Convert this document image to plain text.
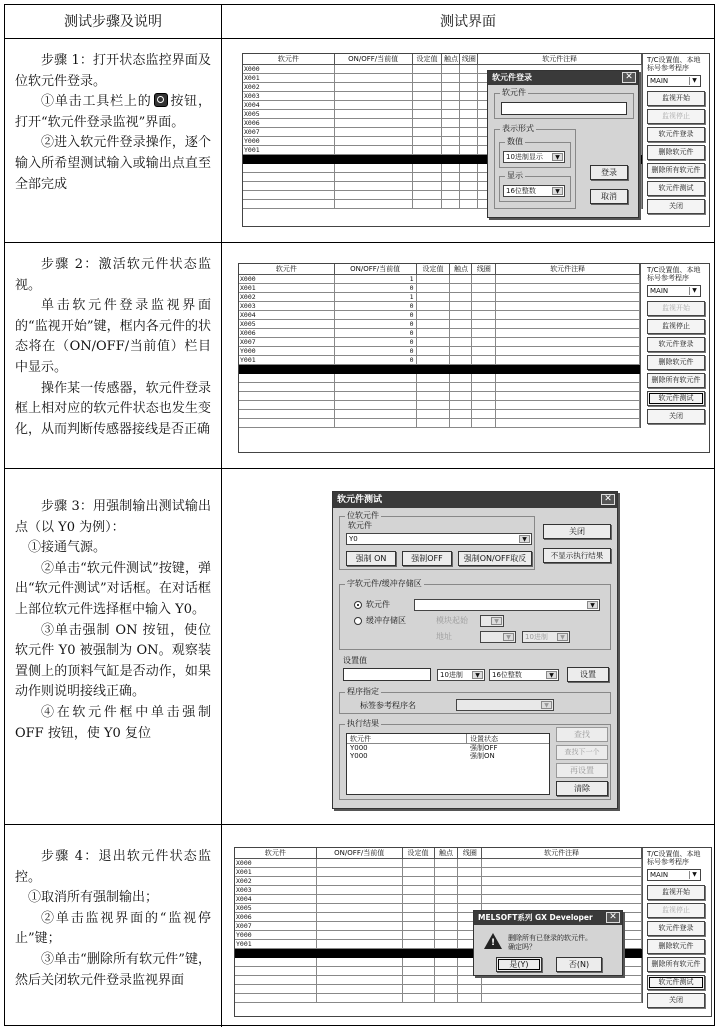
测试步骤及说明	测试界面

步骤 1：打开状态监控界面及位软元件登录。

①单击工具栏上的 按钮，打开“软元件登录监视”界面。

②进入软元件登录操作，逐个输入所希望测试输入或输出点直至全部完成

软元件	ON/OFF/当前值	设定值 触点 线圈	软元件注释
X000
X001
X002
X003
X004
X005
X006
X007
Y000
Y001
T/C设置值、本地标号参考程序
MAIN	▼
监视开始
监视停止
软元件登录
删除软元件
删除所有软元件
软元件测试
关闭
软元件登录	✕
软元件
表示形式
数值
10进制显示	▼
显示
16位整数	▼
登录
取消

步骤 2：激活软元件状态监视。

单击软元件登录监视界面的“监视开始”键，框内各元件的状态将在（ON/OFF/当前值）栏目中显示。

操作某一传感器，软元件登录框上相对应的软元件状态也发生变化，从而判断传感器接线是否正确

软元件	ON/OFF/当前值	设定值	触点	线圈	软元件注释
X000	1
X001	0
X002	1
X003	0
X004	0
X005	0
X006	0
X007	0
Y000	0
Y001	0
T/C设置值、本地标号参考程序
MAIN	▼
监视开始
监视停止
软元件登录
删除软元件
删除所有软元件
软元件测试
关闭

步骤 3：用强制输出测试输出点（以 Y0 为例）：

①接通气源。

②单击“软元件测试”按键，弹出“软元件测试”对话框。在对话框上部位软元件选择框中输入 Y0。

③单击强制 ON 按钮，使位软元件 Y0 被强制为 ON。观察装置侧上的顶料气缸是否动作，如果动作则说明接线正确。

④在软元件框中单击强制 OFF 按钮，使 Y0 复位

软元件测试	✕
位软元件
软元件
Y0	▼
强制 ON	强制OFF	强制ON/OFF取反
关闭
不显示执行结果
字软元件/缓冲存储区
软元件	▼
缓冲存储区	模块起始	▼
地址	▼	10进制	▼
设置值
10进制	▼	16位整数	▼	设置
程序指定
标签参考程序名	▼
执行结果
软元件	设置状态
Y000	强制OFF
Y000	强制ON
查找
查找下一个
再设置
清除

步骤 4：退出软元件状态监控。

①取消所有强制输出；

②单击监视界面的“监视停止”键；

③单击“删除所有软元件”键，然后关闭软元件登录监视界面

软元件	ON/OFF/当前值	设定值	触点	线圈	软元件注释
X000
X001
X002
X003
X004
X005
X006
X007
Y000
Y001
T/C设置值、本地标号参考程序
MAIN	▼
监视开始
监视停止
软元件登录
删除软元件
删除所有软元件
软元件测试
关闭
MELSOFT系列 GX Developer	✕
! 删除所有已登录的软元件。
确定吗？
是(Y)	否(N)
